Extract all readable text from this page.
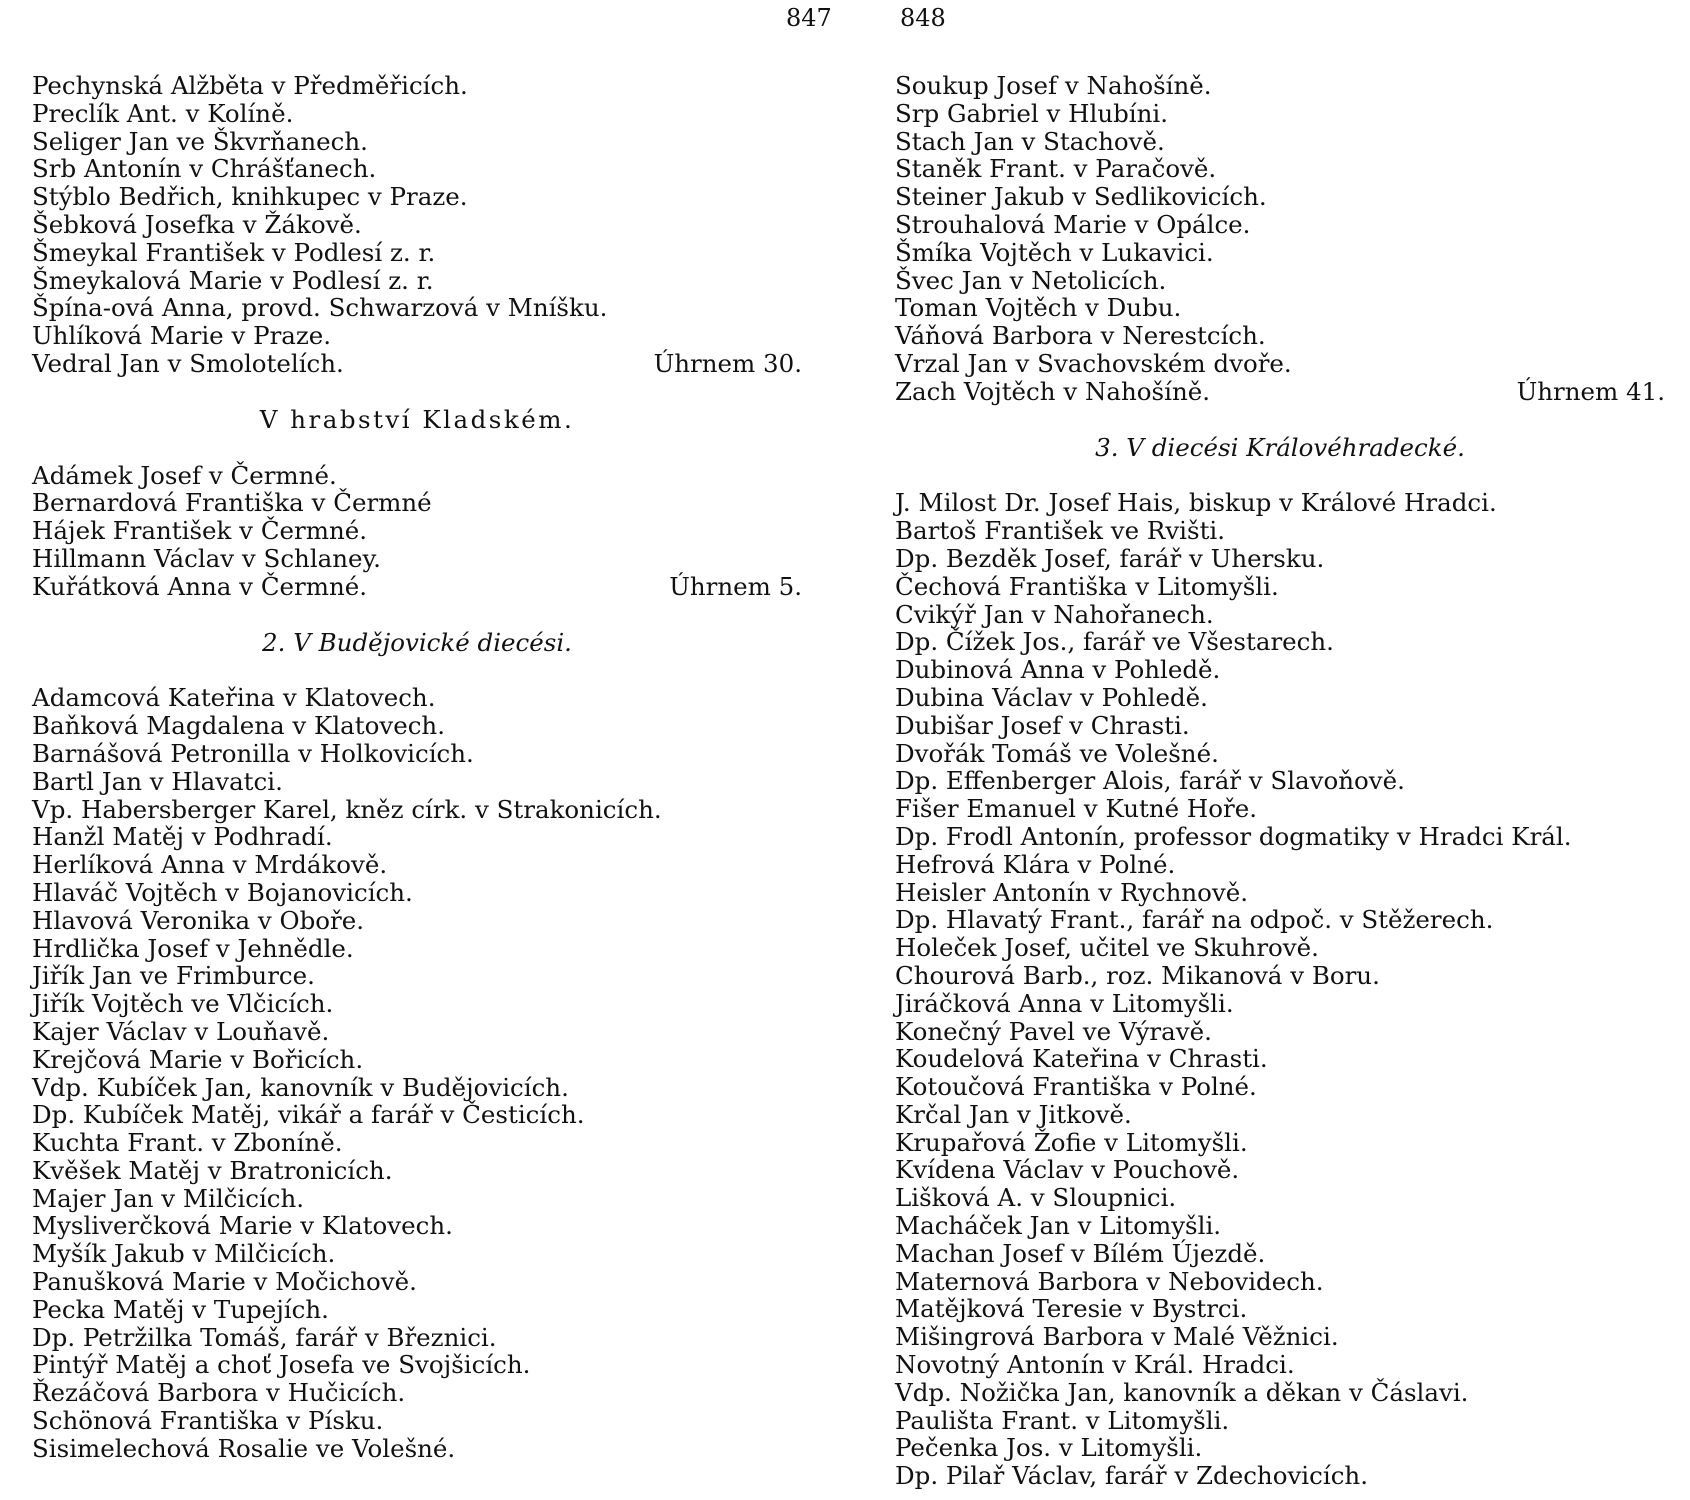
847	848
Pechynská Alžběta v Předměřicích.
Preclík Ant. v Kolíně.
Seliger Jan ve Škvrňanech.
Srb Antonín v Chrášťanech.
Stýblo Bedřich, knihkupec v Praze.
Šebková Josefka v Žákově.
Šmeykal František v Podlesí z. r.
Šmeykalová Marie v Podlesí z. r.
Špína-ová Anna, provd. Schwarzová v Mníšku.
Uhlíková Marie v Praze.
Vedral Jan v Smolotelích.	Úhrnem 30.
V hrabství Kladském.
Adámek Josef v Čermné.
Bernardová Františka v Čermné
Hájek František v Čermné.
Hillmann Václav v Schlaney.
Kuřátková Anna v Čermné.	Úhrnem 5.
2. V Budějovické diecési.
Adamcová Kateřina v Klatovech.
Baňková Magdalena v Klatovech.
Barnášová Petronilla v Holkovicích.
Bartl Jan v Hlavatci.
Vp. Habersberger Karel, kněz círk. v Strakonicích.
Hanžl Matěj v Podhradí.
Herlíková Anna v Mrdákově.
Hlaváč Vojtěch v Bojanovicích.
Hlavová Veronika v Oboře.
Hrdlička Josef v Jehnědle.
Jiřík Jan ve Frimburce.
Jiřík Vojtěch ve Vlčicích.
Kajer Václav v Louňavě.
Krejčová Marie v Bořicích.
Vdp. Kubíček Jan, kanovník v Budějovicích.
Dp. Kubíček Matěj, vikář a farář v Česticích.
Kuchta Frant. v Zboníně.
Kvěšek Matěj v Bratronicích.
Majer Jan v Milčicích.
Mysliverčková Marie v Klatovech.
Myšík Jakub v Milčicích.
Panušková Marie v Močichově.
Pecka Matěj v Tupejích.
Dp. Petržilka Tomáš, farář v Březnici.
Pintýř Matěj a choť Josefa ve Svojšicích.
Řezáčová Barbora v Hučicích.
Schönová Františka v Písku.
Sisimelechová Rosalie ve Volešné.
Soukup Josef v Nahošíně.
Srp Gabriel v Hlubíni.
Stach Jan v Stachově.
Staněk Frant. v Paračově.
Steiner Jakub v Sedlikovicích.
Strouhalová Marie v Opálce.
Šmíka Vojtěch v Lukavici.
Švec Jan v Netolicích.
Toman Vojtěch v Dubu.
Váňová Barbora v Nerestcích.
Vrzal Jan v Svachovském dvoře.
Zach Vojtěch v Nahošíně.	Úhrnem 41.
3. V diecési Královéhradecké.
J. Milost Dr. Josef Hais, biskup v Králové Hradci.
Bartoš František ve Rvišti.
Dp. Bezděk Josef, farář v Uhersku.
Čechová Františka v Litomyšli.
Cvikýř Jan v Nahořanech.
Dp. Čížek Jos., farář ve Všestarech.
Dubinová Anna v Pohledě.
Dubina Václav v Pohledě.
Dubišar Josef v Chrasti.
Dvořák Tomáš ve Volešné.
Dp. Effenberger Alois, farář v Slavoňově.
Fišer Emanuel v Kutné Hoře.
Dp. Frodl Antonín, professor dogmatiky v Hradci Král.
Hefrová Klára v Polné.
Heisler Antonín v Rychnově.
Dp. Hlavatý Frant., farář na odpoč. v Stěžerech.
Holeček Josef, učitel ve Skuhrově.
Chourová Barb., roz. Mikanová v Boru.
Jiráčková Anna v Litomyšli.
Konečný Pavel ve Výravě.
Koudelová Kateřina v Chrasti.
Kotoučová Františka v Polné.
Krčal Jan v Jitkově.
Krupařová Žofie v Litomyšli.
Kvídena Václav v Pouchově.
Lišková A. v Sloupnici.
Macháček Jan v Litomyšli.
Machan Josef v Bílém Újezdě.
Maternová Barbora v Nebovidech.
Matějková Teresie v Bystrci.
Mišingrová Barbora v Malé Věžnici.
Novotný Antonín v Král. Hradci.
Vdp. Nožička Jan, kanovník a děkan v Čáslavi.
Paulišta Frant. v Litomyšli.
Pečenka Jos. v Litomyšli.
Dp. Pilař Václav, farář v Zdechovicích.
